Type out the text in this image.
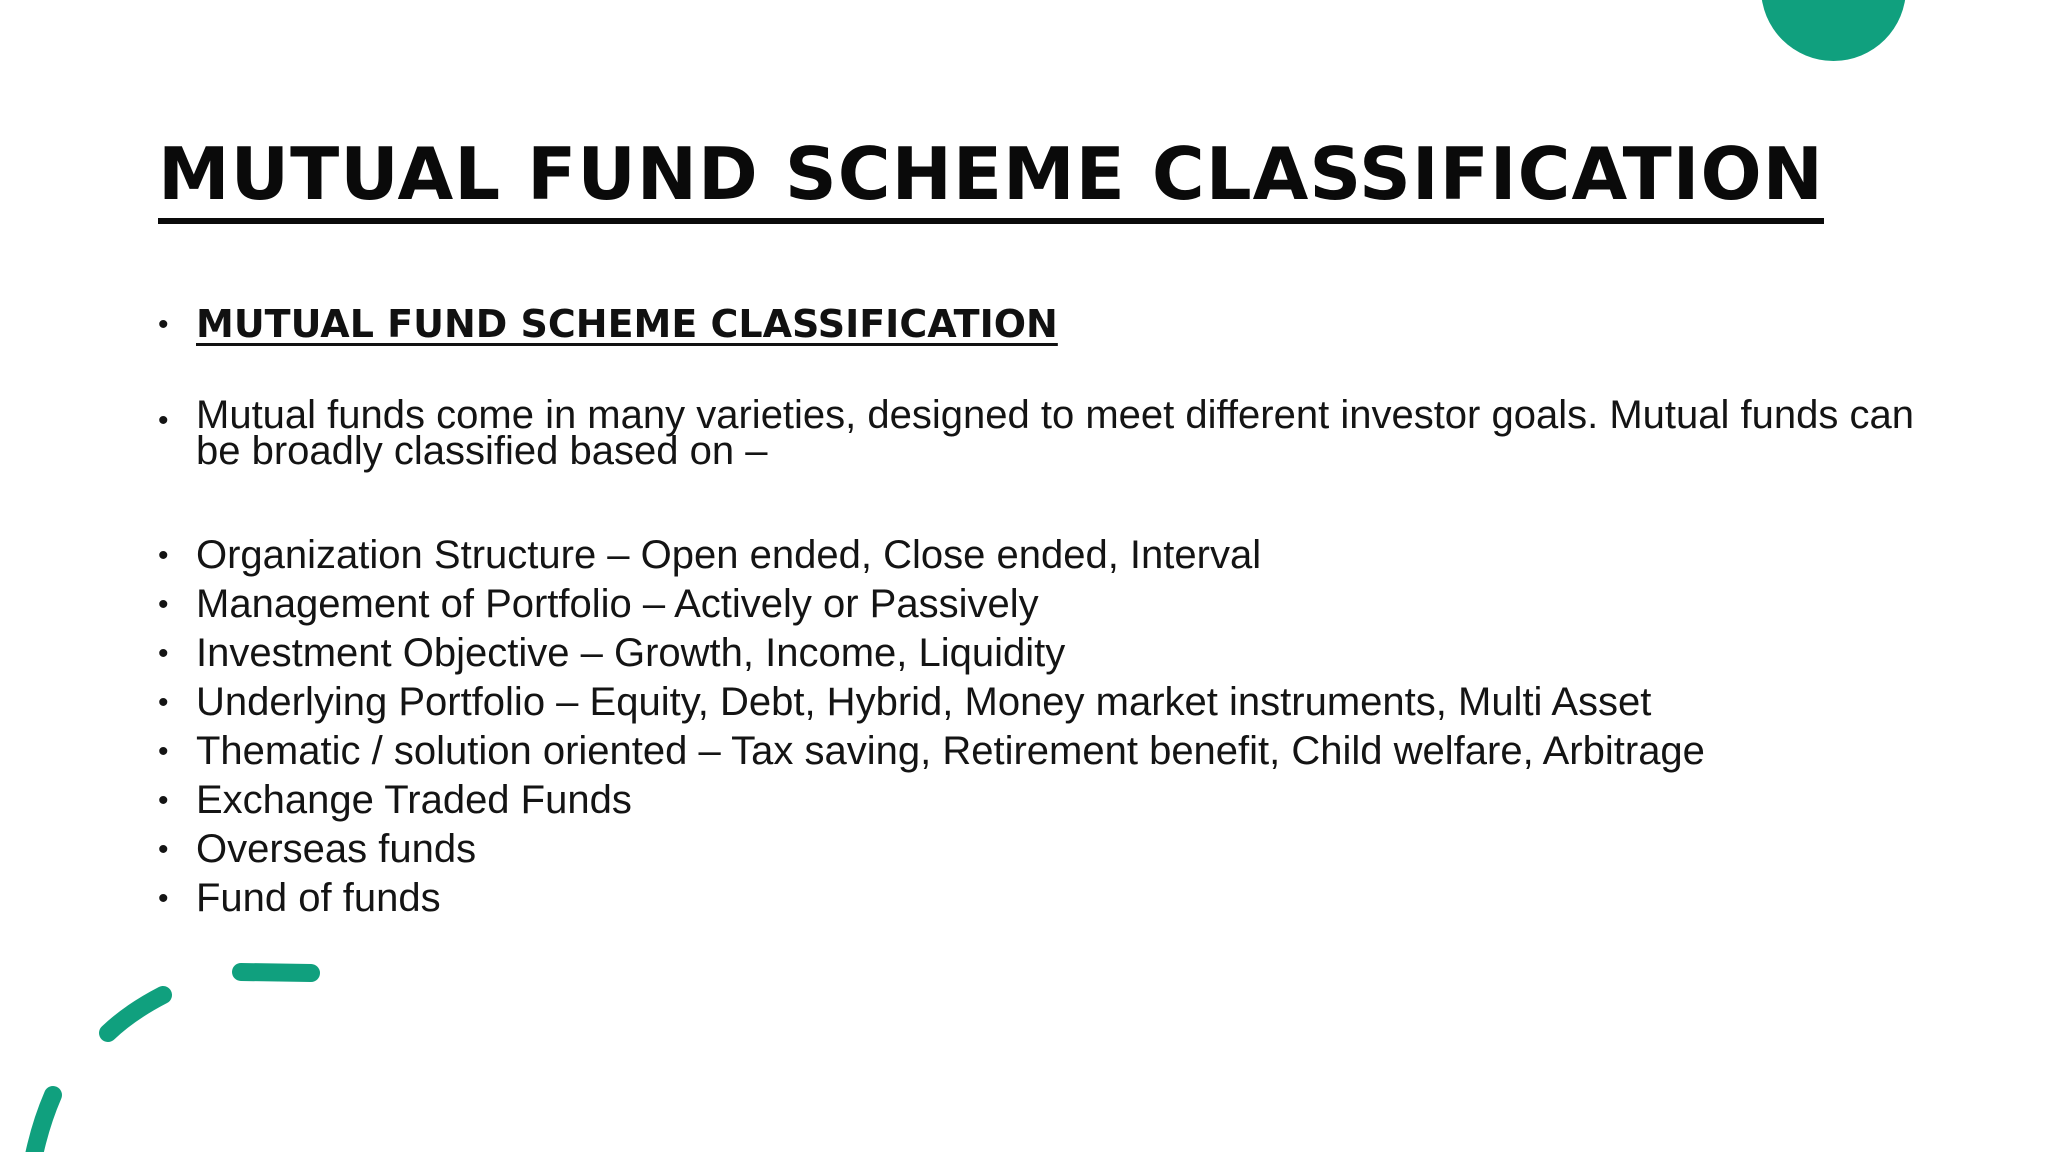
MUTUAL FUND SCHEME CLASSIFICATION
• MUTUAL FUND SCHEME CLASSIFICATION
• Mutual funds come in many varieties, designed to meet different investor goals. Mutual funds can be broadly classified based on –
• Organization Structure – Open ended, Close ended, Interval
• Management of Portfolio – Actively or Passively
• Investment Objective – Growth, Income, Liquidity
• Underlying Portfolio – Equity, Debt, Hybrid, Money market instruments, Multi Asset
• Thematic / solution oriented – Tax saving, Retirement benefit, Child welfare, Arbitrage
• Exchange Traded Funds
• Overseas funds
• Fund of funds
